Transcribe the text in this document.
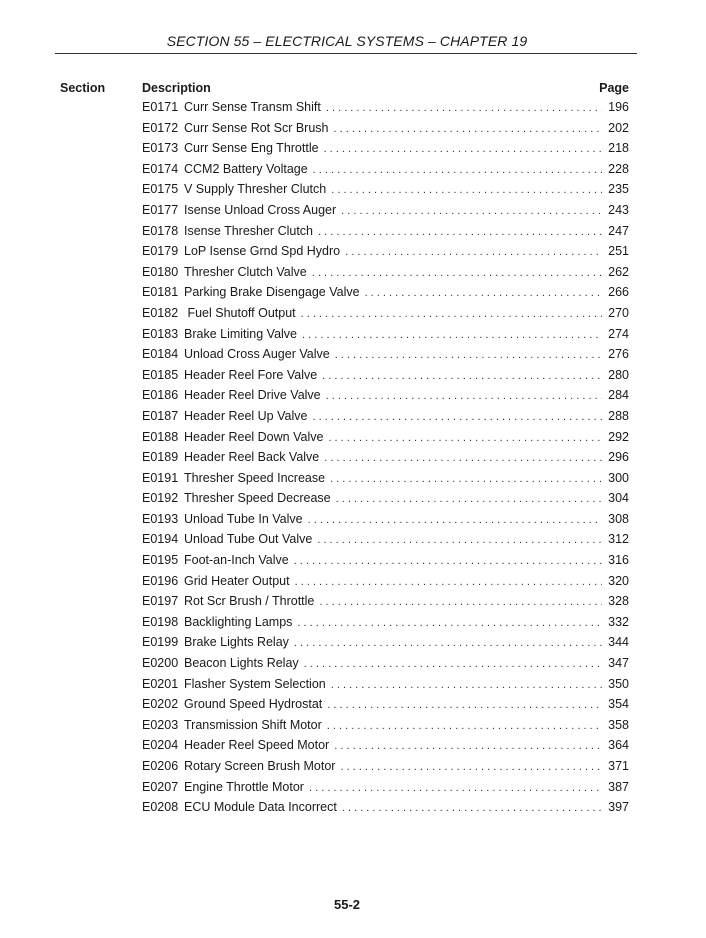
SECTION 55 – ELECTRICAL SYSTEMS – CHAPTER 19
Section	Description	Page
E0171 Curr Sense Transm Shift . . .	196
E0172 Curr Sense Rot Scr Brush . . .	202
E0173 Curr Sense Eng Throttle . . .	218
E0174 CCM2 Battery Voltage . . .	228
E0175 V Supply Thresher Clutch . . .	235
E0177 Isense Unload Cross Auger . . .	243
E0178 Isense Thresher Clutch . . .	247
E0179 LoP Isense Grnd Spd Hydro . . .	251
E0180 Thresher Clutch Valve . . .	262
E0181 Parking Brake Disengage Valve . . .	266
E0182 Fuel Shutoff Output . . .	270
E0183 Brake Limiting Valve . . .	274
E0184 Unload Cross Auger Valve . . .	276
E0185 Header Reel Fore Valve . . .	280
E0186 Header Reel Drive Valve . . .	284
E0187 Header Reel Up Valve . . .	288
E0188 Header Reel Down Valve . . .	292
E0189 Header Reel Back Valve . . .	296
E0191 Thresher Speed Increase . . .	300
E0192 Thresher Speed Decrease . . .	304
E0193 Unload Tube In Valve . . .	308
E0194 Unload Tube Out Valve . . .	312
E0195 Foot-an-Inch Valve . . .	316
E0196 Grid Heater Output . . .	320
E0197 Rot Scr Brush / Throttle . . .	328
E0198 Backlighting Lamps . . .	332
E0199 Brake Lights Relay . . .	344
E0200 Beacon Lights Relay . . .	347
E0201 Flasher System Selection . . .	350
E0202 Ground Speed Hydrostat . . .	354
E0203 Transmission Shift Motor . . .	358
E0204 Header Reel Speed Motor . . .	364
E0206 Rotary Screen Brush Motor . . .	371
E0207 Engine Throttle Motor . . .	387
E0208 ECU Module Data Incorrect . . .	397
55-2
